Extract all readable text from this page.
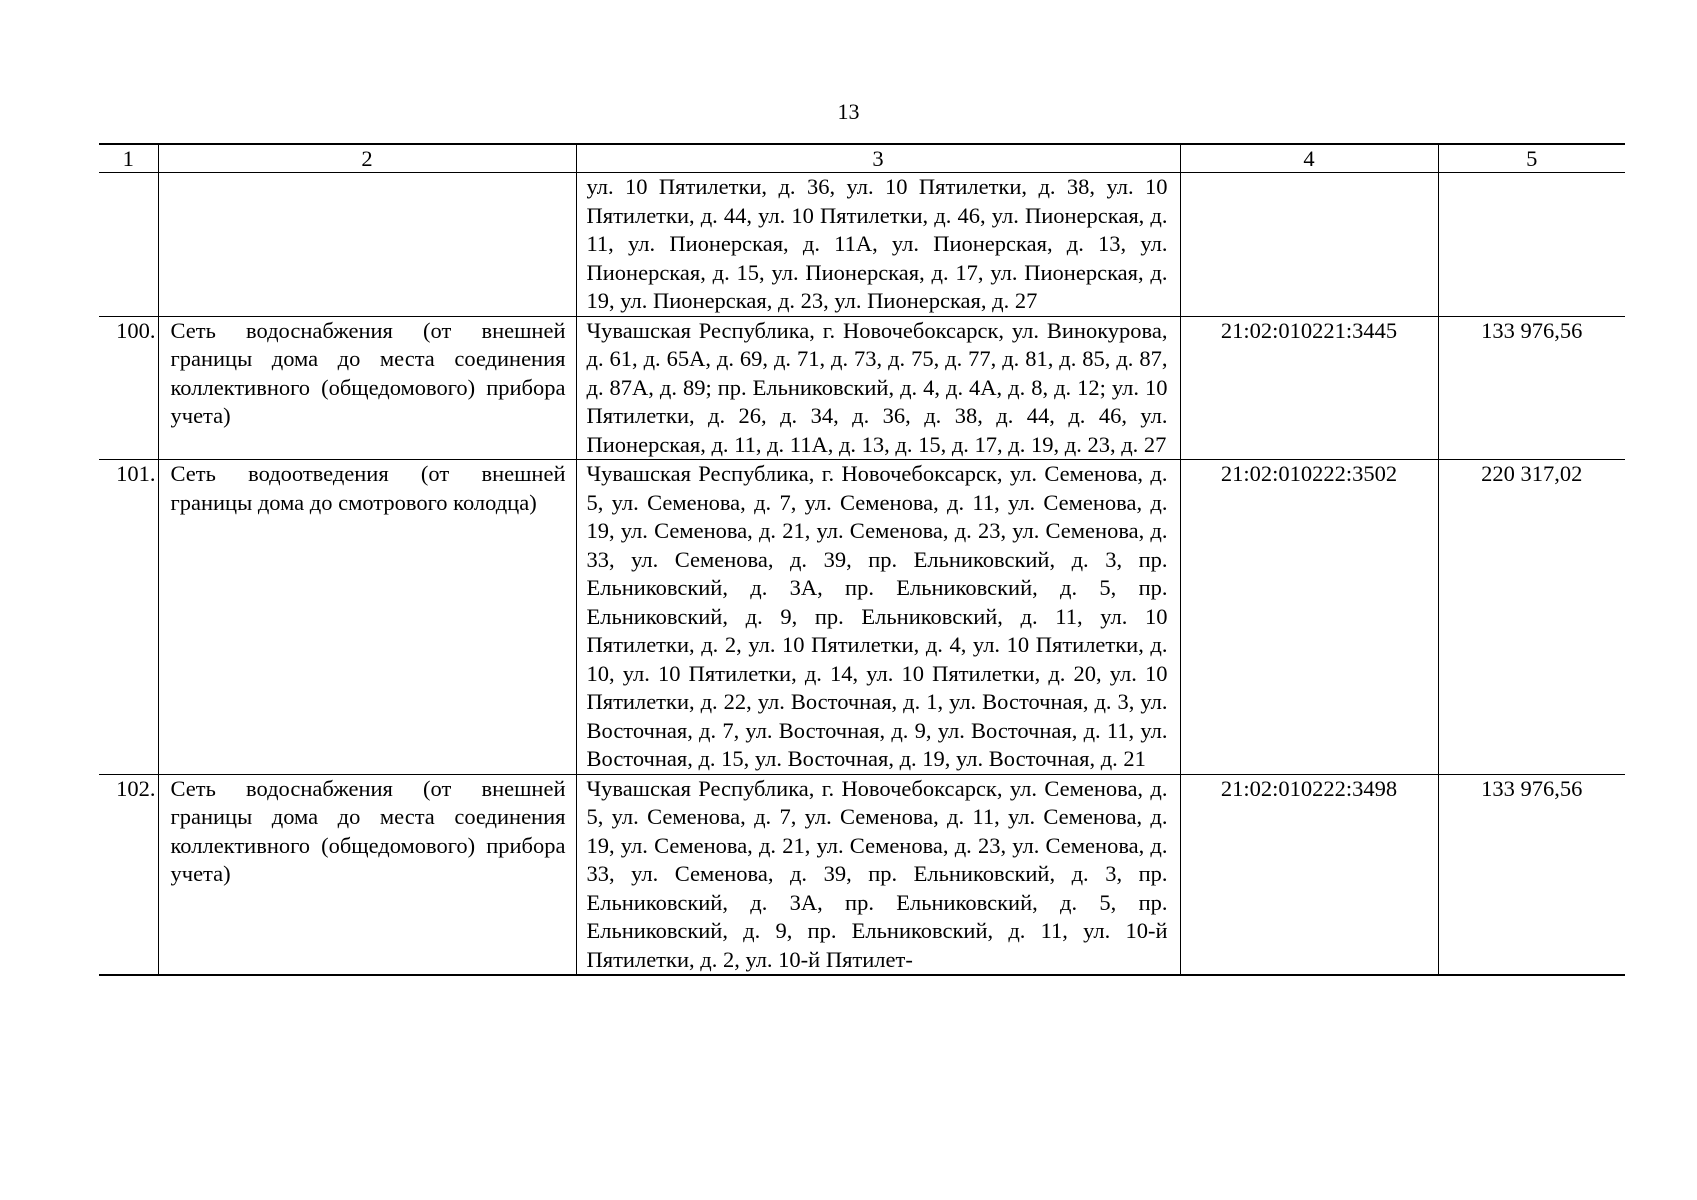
13
1	2	3	4	5
		ул. 10 Пятилетки, д. 36, ул. 10 Пятилетки, д. 38, ул. 10 Пятилетки, д. 44, ул. 10 Пятилетки, д. 46, ул. Пионерская, д. 11, ул. Пионерская, д. 11А, ул. Пионерская, д. 13, ул. Пионерская, д. 15, ул. Пионерская, д. 17, ул. Пионерская, д. 19, ул. Пионерская, д. 23, ул. Пионерская, д. 27		
100.	Сеть водоснабжения (от внешней границы дома до места соединения коллективного (общедомового) прибора учета)	Чувашская Республика, г. Новочебоксарск, ул. Винокурова, д. 61, д. 65А, д. 69, д. 71, д. 73, д. 75, д. 77, д. 81, д. 85, д. 87, д. 87А, д. 89; пр. Ельниковский, д. 4, д. 4А, д. 8, д. 12; ул. 10 Пятилетки, д. 26, д. 34, д. 36, д. 38, д. 44, д. 46, ул. Пионерская, д. 11, д. 11А, д. 13, д. 15, д. 17, д. 19, д. 23, д. 27	21:02:010221:3445	133 976,56
101.	Сеть водоотведения (от внешней границы дома до смотрового колодца)	Чувашская Республика, г. Новочебоксарск, ул. Семенова, д. 5, ул. Семенова, д. 7, ул. Семенова, д. 11, ул. Семенова, д. 19, ул. Семенова, д. 21, ул. Семенова, д. 23, ул. Семенова, д. 33, ул. Семенова, д. 39, пр. Ельниковский, д. 3, пр. Ельниковский, д. 3А, пр. Ельниковский, д. 5, пр. Ельниковский, д. 9, пр. Ельниковский, д. 11, ул. 10 Пятилетки, д. 2, ул. 10 Пятилетки, д. 4, ул. 10 Пятилетки, д. 10, ул. 10 Пятилетки, д. 14, ул. 10 Пятилетки, д. 20, ул. 10 Пятилетки, д. 22, ул. Восточная, д. 1, ул. Восточная, д. 3, ул. Восточная, д. 7, ул. Восточная, д. 9, ул. Восточная, д. 11, ул. Восточная, д. 15, ул. Восточная, д. 19, ул. Восточная, д. 21	21:02:010222:3502	220 317,02
102.	Сеть водоснабжения (от внешней границы дома до места соединения коллективного (общедомового) прибора учета)	Чувашская Республика, г. Новочебоксарск, ул. Семенова, д. 5, ул. Семенова, д. 7, ул. Семенова, д. 11, ул. Семенова, д. 19, ул. Семенова, д. 21, ул. Семенова, д. 23, ул. Семенова, д. 33, ул. Семенова, д. 39, пр. Ельниковский, д. 3, пр. Ельниковский, д. 3А, пр. Ельниковский, д. 5, пр. Ельниковский, д. 9, пр. Ельниковский, д. 11, ул. 10-й Пятилетки, д. 2, ул. 10-й Пятилет-	21:02:010222:3498	133 976,56
